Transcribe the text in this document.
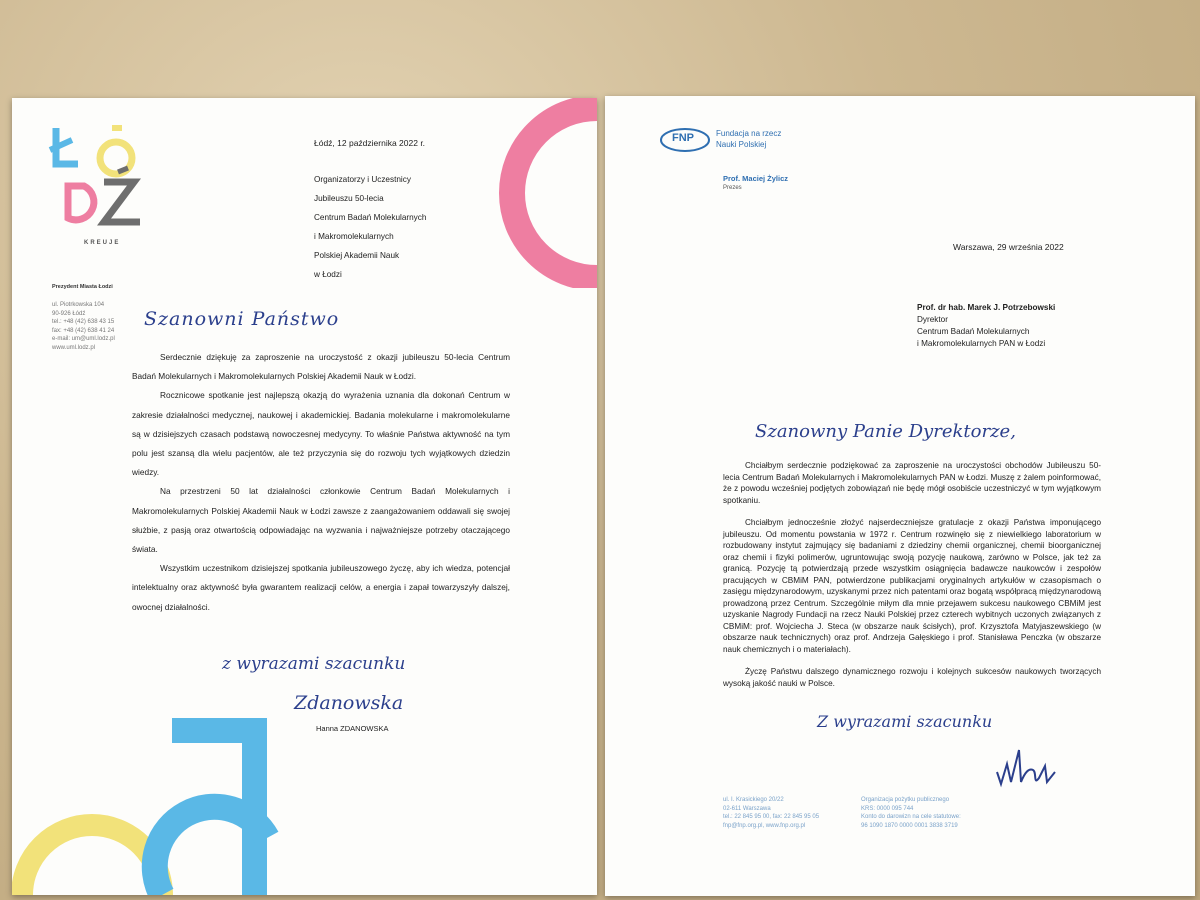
KREUJE
Prezydent Miasta Łodzi
ul. Piotrkowska 104
90-926 Łódź
tel.: +48 (42) 638 43 15
fax: +48 (42) 638 41 24
e-mail: um@uml.lodz.pl
www.uml.lodz.pl
Łódź, 12 października 2022 r.
Organizatorzy i Uczestnicy
Jubileuszu 50-lecia
Centrum Badań Molekularnych
i Makromolekularnych
Polskiej Akademii Nauk
w Łodzi
Szanowni Państwo

Serdecznie dziękuję za zaproszenie na uroczystość z okazji jubileuszu 50-lecia Centrum Badań Molekularnych i Makromolekularnych Polskiej Akademii Nauk w Łodzi.

Rocznicowe spotkanie jest najlepszą okazją do wyrażenia uznania dla dokonań Centrum w zakresie działalności medycznej, naukowej i akademickiej. Badania molekularne i makromolekularne są w dzisiejszych czasach podstawą nowoczesnej medycyny. To właśnie Państwa aktywność na tym polu jest szansą dla wielu pacjentów, ale też przyczynia się do rozwoju tych wyjątkowych dziedzin wiedzy.

Na przestrzeni 50 lat działalności członkowie Centrum Badań Molekularnych i Makromolekularnych Polskiej Akademii Nauk w Łodzi zawsze z zaangażowaniem oddawali się swojej służbie, z pasją oraz otwartością odpowiadając na wyzwania i najważniejsze potrzeby otaczającego świata.

Wszystkim uczestnikom dzisiejszej spotkania jubileuszowego życzę, aby ich wiedza, potencjał intelektualny oraz aktywność była gwarantem realizacji celów, a energia i zapał towarzyszyły dalszej, owocnej działalności.

z wyrazami szacunku
Zdanowska
Hanna ZDANOWSKA
FNP	Fundacja na rzecz
Nauki Polskiej
Prof. Maciej Żylicz
Prezes
Warszawa, 29 września 2022
Prof. dr hab. Marek J. Potrzebowski
Dyrektor
Centrum Badań Molekularnych
i Makromolekularnych PAN w Łodzi
Szanowny Panie Dyrektorze,

Chciałbym serdecznie podziękować za zaproszenie na uroczystości obchodów Jubileuszu 50-lecia Centrum Badań Molekularnych i Makromolekularnych PAN w Łodzi. Muszę z żalem poinformować, że z powodu wcześniej podjętych zobowiązań nie będę mógł osobiście uczestniczyć w tym wyjątkowym spotkaniu.

Chciałbym jednocześnie złożyć najserdeczniejsze gratulacje z okazji Państwa imponującego jubileuszu. Od momentu powstania w 1972 r. Centrum rozwinęło się z niewielkiego laboratorium w rozbudowany instytut zajmujący się badaniami z dziedziny chemii organicznej, chemii bioorganicznej oraz chemii i fizyki polimerów, ugruntowując swoją pozycję naukową, zarówno w Polsce, jak też za granicą. Pozycję tą potwierdzają przede wszystkim osiągnięcia badawcze naukowców i zespołów pracujących w CBMiM PAN, potwierdzone publikacjami oryginalnych artykułów w czasopismach o zasięgu międzynarodowym, uzyskanymi przez nich patentami oraz bogatą współpracą międzynarodową prowadzoną przez Centrum. Szczególnie miłym dla mnie przejawem sukcesu naukowego CBMiM jest uzyskanie Nagrody Fundacji na rzecz Nauki Polskiej przez czterech wybitnych uczonych związanych z CBMiM: prof. Wojciecha J. Steca (w obszarze nauk ścisłych), prof. Krzysztofa Matyjaszewskiego (w obszarze nauk technicznych) oraz prof. Andrzeja Gałęskiego i prof. Stanisława Penczka (w obszarze nauk chemicznych i o materiałach).

Życzę Państwu dalszego dynamicznego rozwoju i kolejnych sukcesów naukowych tworzących wysoką jakość nauki w Polsce.

Z wyrazami szacunku
ul. I. Krasickiego 20/22
02-611 Warszawa
tel.: 22 845 95 00, fax: 22 845 95 05
fnp@fnp.org.pl, www.fnp.org.pl
Organizacja pożytku publicznego
KRS: 0000 095 744
Konto do darowizn na cele statutowe:
96 1090 1870 0000 0001 3838 3719
